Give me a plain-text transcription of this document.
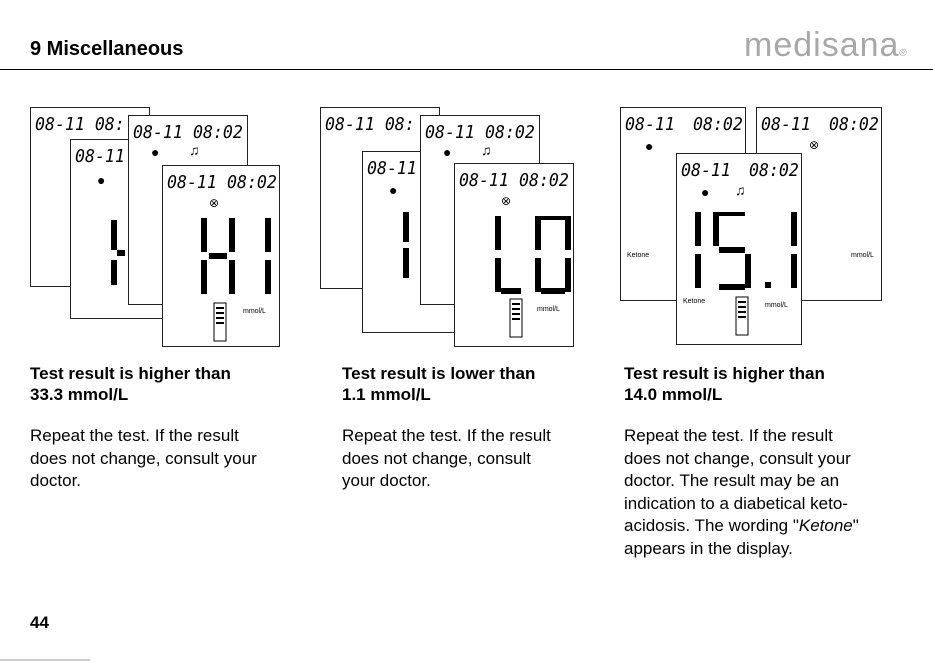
9 Miscellaneous	medisana®
08-11 08:
08-11
●
08-11 08:02
● ♫
08-11 08:02
⊗
mmol/L
08-11 08:
08-11
●
08-11 08:02
● ♫
08-11 08:02
⊗
mmol/L
08-11 08:02
●
Ketone
08-11 08:02
⊗
mmol/L
08-11 08:02
● ♫
Ketone
mmol/L
Test result is higher than
33.3 mmol/L
Repeat the test. If the result
does not change, consult your
doctor.
Test result is lower than
1.1 mmol/L
Repeat the test. If the result
does not change, consult
your doctor.
Test result is higher than
14.0 mmol/L
Repeat the test. If the result
does not change, consult your
doctor. The result may be an
indication to a diabetical keto-
acidosis. The wording "Ketone"
appears in the display.
44
